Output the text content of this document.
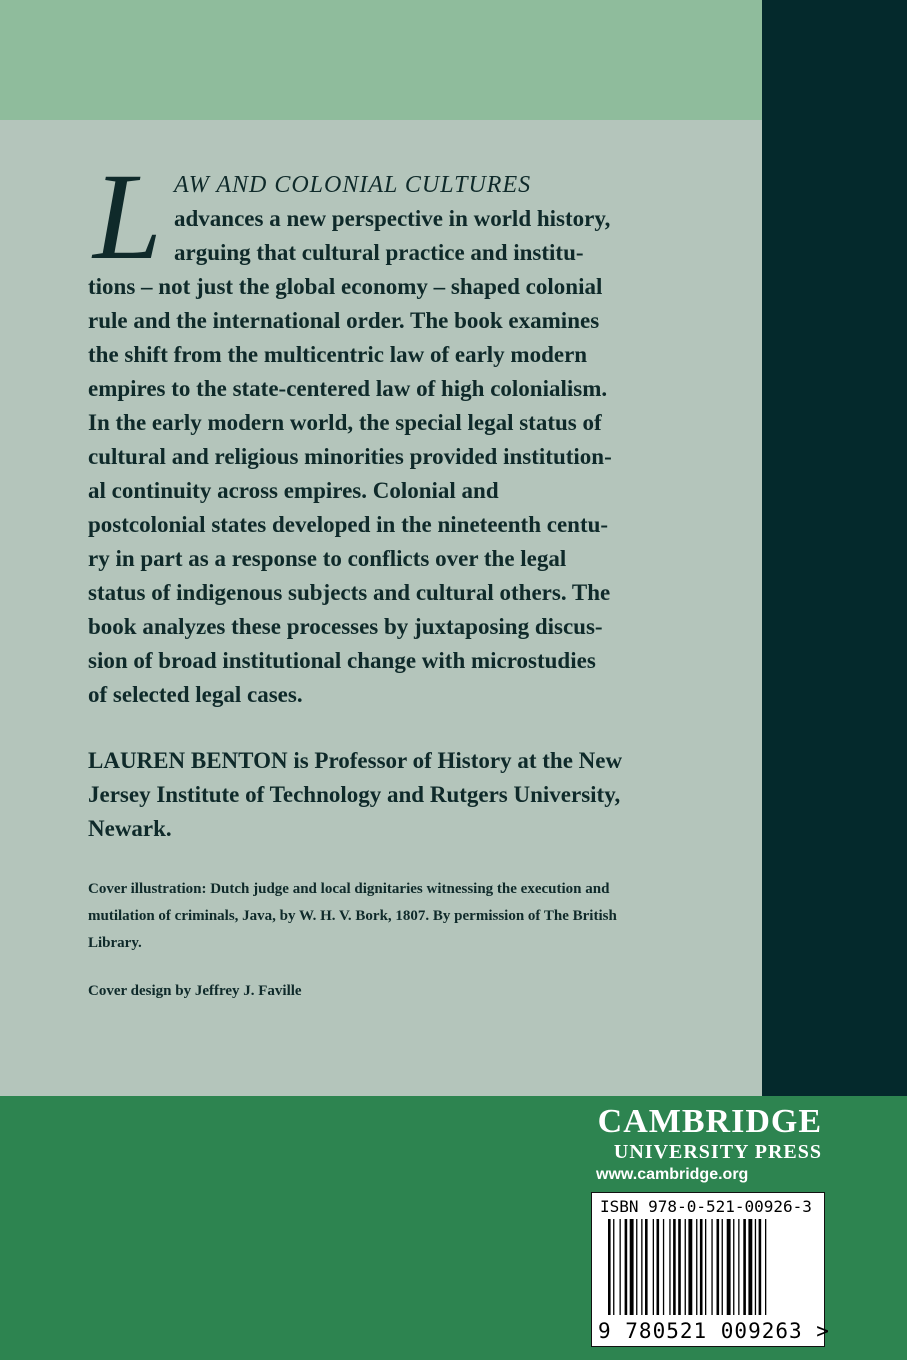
L AW AND COLONIAL CULTURES
advances a new perspective in world history,
arguing that cultural practice and institu-
tions – not just the global economy – shaped colonial
rule and the international order. The book examines
the shift from the multicentric law of early modern
empires to the state-centered law of high colonialism.
In the early modern world, the special legal status of
cultural and religious minorities provided institution-
al continuity across empires. Colonial and
postcolonial states developed in the nineteenth centu-
ry in part as a response to conflicts over the legal
status of indigenous subjects and cultural others. The
book analyzes these processes by juxtaposing discus-
sion of broad institutional change with microstudies
of selected legal cases.
LAUREN BENTON is Professor of History at the New
Jersey Institute of Technology and Rutgers University,
Newark.
Cover illustration: Dutch judge and local dignitaries witnessing the execution and
mutilation of criminals, Java, by W. H. V. Bork, 1807. By permission of The British
Library.
Cover design by Jeffrey J. Faville
CAMBRIDGE
UNIVERSITY PRESS
www.cambridge.org
ISBN 978-0-521-00926-3
9 780521 009263 >
